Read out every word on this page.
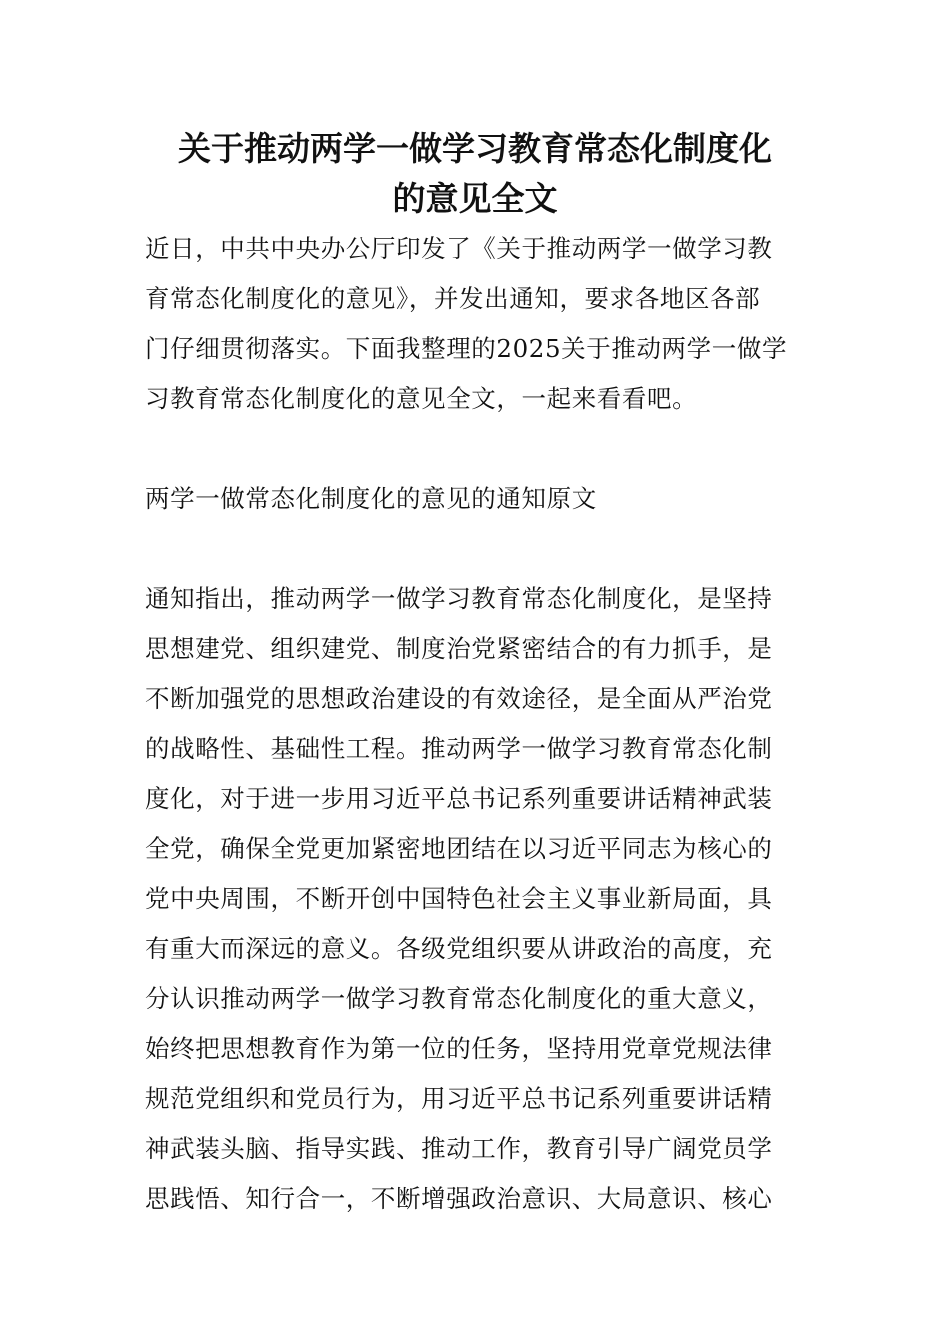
关于推动两学一做学习教育常态化制度化
的意见全文

近日，中共中央办公厅印发了《关于推动两学一做学习教

育常态化制度化的意见》，并发出通知，要求各地区各部

门仔细贯彻落实。下面我整理的2025关于推动两学一做学

习教育常态化制度化的意见全文，一起来看看吧。

两学一做常态化制度化的意见的通知原文

通知指出，推动两学一做学习教育常态化制度化，是坚持

思想建党、组织建党、制度治党紧密结合的有力抓手，是

不断加强党的思想政治建设的有效途径，是全面从严治党

的战略性、基础性工程。推动两学一做学习教育常态化制

度化，对于进一步用习近平总书记系列重要讲话精神武装

全党，确保全党更加紧密地团结在以习近平同志为核心的

党中央周围，不断开创中国特色社会主义事业新局面，具

有重大而深远的意义。各级党组织要从讲政治的高度，充

分认识推动两学一做学习教育常态化制度化的重大意义，

始终把思想教育作为第一位的任务，坚持用党章党规法律

规范党组织和党员行为，用习近平总书记系列重要讲话精

神武装头脑、指导实践、推动工作，教育引导广阔党员学

思践悟、知行合一，不断增强政治意识、大局意识、核心
